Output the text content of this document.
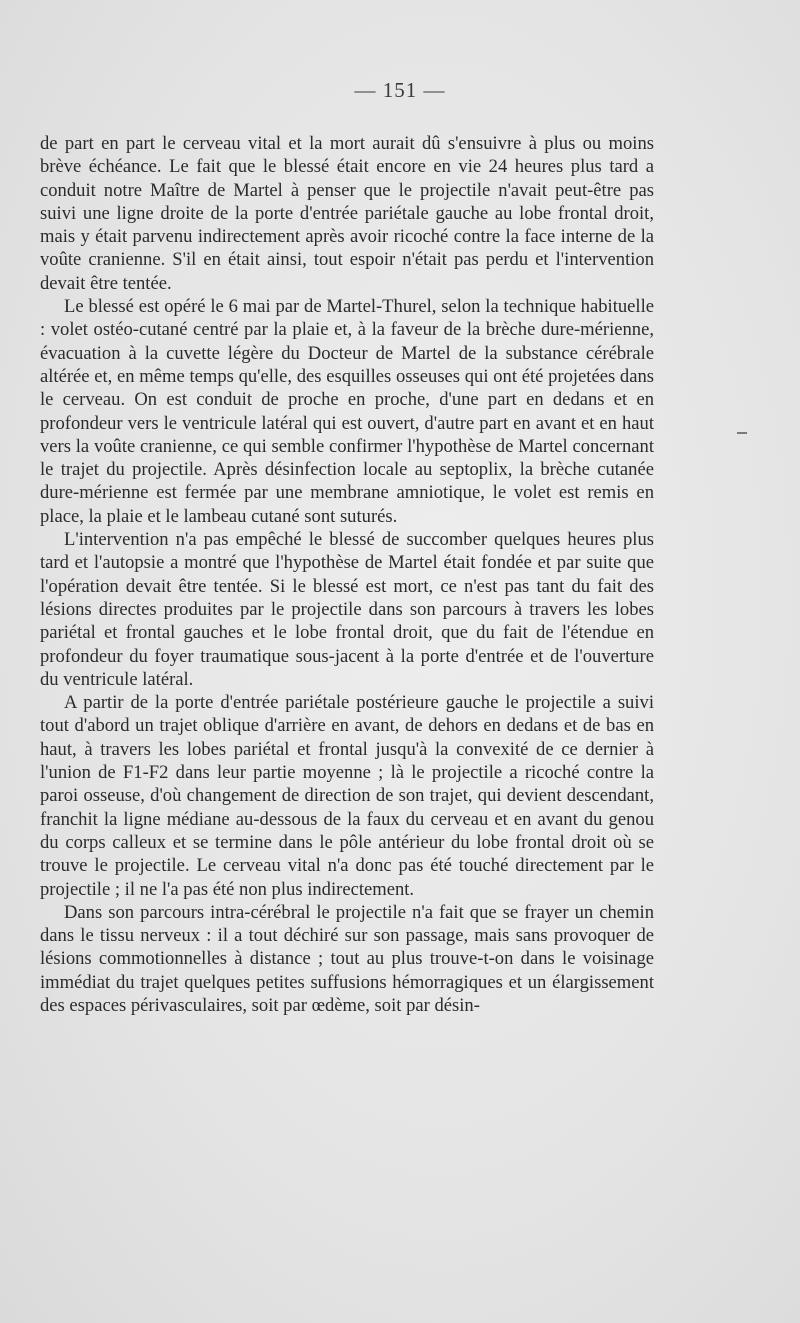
— 151 —

de part en part le cerveau vital et la mort aurait dû s'ensuivre à plus ou moins brève échéance. Le fait que le blessé était encore en vie 24 heures plus tard a conduit notre Maître de Martel à penser que le projectile n'avait peut-être pas suivi une ligne droite de la porte d'entrée pariétale gauche au lobe frontal droit, mais y était parvenu indirectement après avoir ricoché contre la face interne de la voûte cranienne. S'il en était ainsi, tout espoir n'était pas perdu et l'intervention devait être tentée.

Le blessé est opéré le 6 mai par de Martel-Thurel, selon la technique habituelle : volet ostéo-cutané centré par la plaie et, à la faveur de la brèche dure-mérienne, évacuation à la cuvette légère du Docteur de Martel de la substance cérébrale altérée et, en même temps qu'elle, des esquilles osseuses qui ont été projetées dans le cerveau. On est conduit de proche en proche, d'une part en dedans et en profondeur vers le ventricule latéral qui est ouvert, d'autre part en avant et en haut vers la voûte cranienne, ce qui semble confirmer l'hypothèse de Martel concernant le trajet du projectile. Après désinfection locale au septoplix, la brèche cutanée dure-mérienne est fermée par une membrane amniotique, le volet est remis en place, la plaie et le lambeau cutané sont suturés.

L'intervention n'a pas empêché le blessé de succomber quelques heures plus tard et l'autopsie a montré que l'hypothèse de Martel était fondée et par suite que l'opération devait être tentée. Si le blessé est mort, ce n'est pas tant du fait des lésions directes produites par le projectile dans son parcours à travers les lobes pariétal et frontal gauches et le lobe frontal droit, que du fait de l'étendue en profondeur du foyer traumatique sous-jacent à la porte d'entrée et de l'ouverture du ventricule latéral.

A partir de la porte d'entrée pariétale postérieure gauche le projectile a suivi tout d'abord un trajet oblique d'arrière en avant, de dehors en dedans et de bas en haut, à travers les lobes pariétal et frontal jusqu'à la convexité de ce dernier à l'union de F1-F2 dans leur partie moyenne ; là le projectile a ricoché contre la paroi osseuse, d'où changement de direction de son trajet, qui devient descendant, franchit la ligne médiane au-dessous de la faux du cerveau et en avant du genou du corps calleux et se termine dans le pôle antérieur du lobe frontal droit où se trouve le projectile. Le cerveau vital n'a donc pas été touché directement par le projectile ; il ne l'a pas été non plus indirectement.

Dans son parcours intra-cérébral le projectile n'a fait que se frayer un chemin dans le tissu nerveux : il a tout déchiré sur son passage, mais sans provoquer de lésions commotionnelles à distance ; tout au plus trouve-t-on dans le voisinage immédiat du trajet quelques petites suffusions hémorragiques et un élargissement des espaces périvasculaires, soit par œdème, soit par désin-
